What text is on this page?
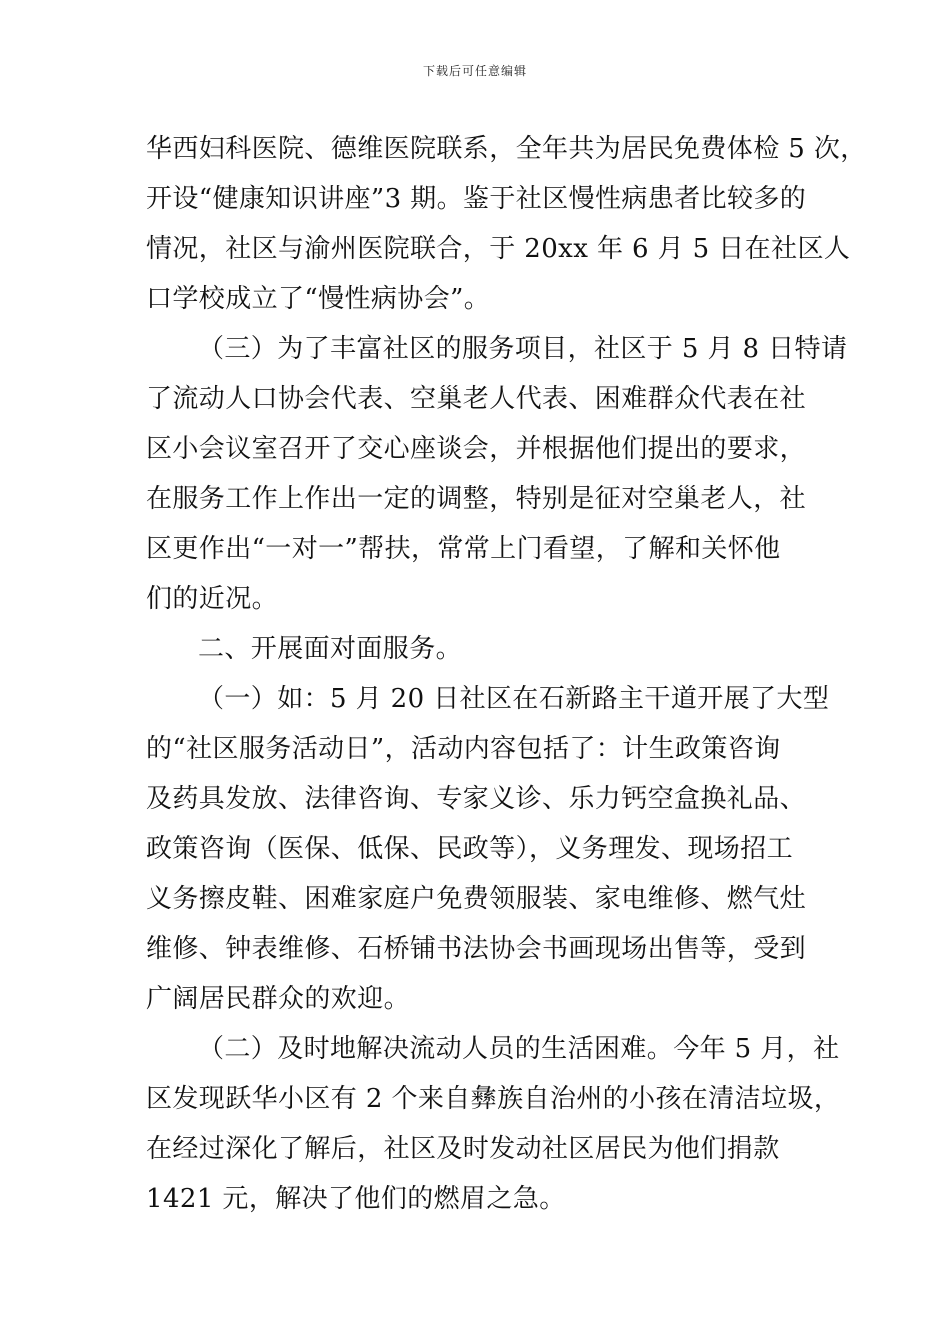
下载后可任意编辑
华西妇科医院、德维医院联系，全年共为居民免费体检 5 次，
开设“健康知识讲座”3 期。鉴于社区慢性病患者比较多的
情况，社区与渝州医院联合，于 20xx 年 6 月 5 日在社区人
口学校成立了“慢性病协会”。
（三）为了丰富社区的服务项目，社区于 5 月 8 日特请
了流动人口协会代表、空巢老人代表、困难群众代表在社
区小会议室召开了交心座谈会，并根据他们提出的要求，
在服务工作上作出一定的调整，特别是征对空巢老人，社
区更作出“一对一”帮扶，常常上门看望，了解和关怀他
们的近况。
二、开展面对面服务。
（一）如：5 月 20 日社区在石新路主干道开展了大型
的“社区服务活动日”，活动内容包括了：计生政策咨询
及药具发放、法律咨询、专家义诊、乐力钙空盒换礼品、
政策咨询（医保、低保、民政等），义务理发、现场招工
义务擦皮鞋、困难家庭户免费领服装、家电维修、燃气灶
维修、钟表维修、石桥铺书法协会书画现场出售等，受到
广阔居民群众的欢迎。
（二）及时地解决流动人员的生活困难。今年 5 月，社
区发现跃华小区有 2 个来自彝族自治州的小孩在清洁垃圾，
在经过深化了解后，社区及时发动社区居民为他们捐款
1421 元，解决了他们的燃眉之急。
